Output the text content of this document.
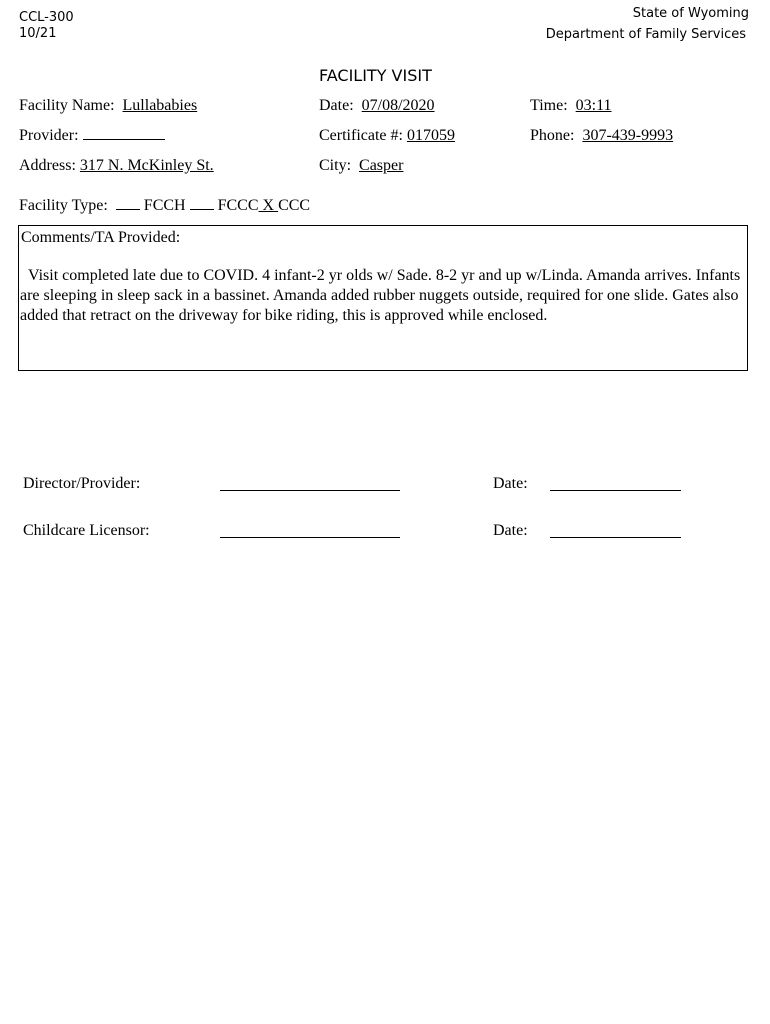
CCL-300
10/21
State of Wyoming
Department of Family Services
FACILITY VISIT
Facility Name: Lullababies	Date: 07/08/2020	Time: 03:11
Provider:	Certificate #: 017059	Phone: 307-439-9993
Address: 317 N. McKinley St.	City: Casper
Facility Type: FCCH FCCC X CCC
Comments/TA Provided:
Visit completed late due to COVID. 4 infant-2 yr olds w/ Sade. 8-2 yr and up w/Linda. Amanda arrives. Infants are sleeping in sleep sack in a bassinet. Amanda added rubber nuggets outside, required for one slide. Gates also added that retract on the driveway for bike riding, this is approved while enclosed.
Director/Provider:	Date:
Childcare Licensor:	Date:
